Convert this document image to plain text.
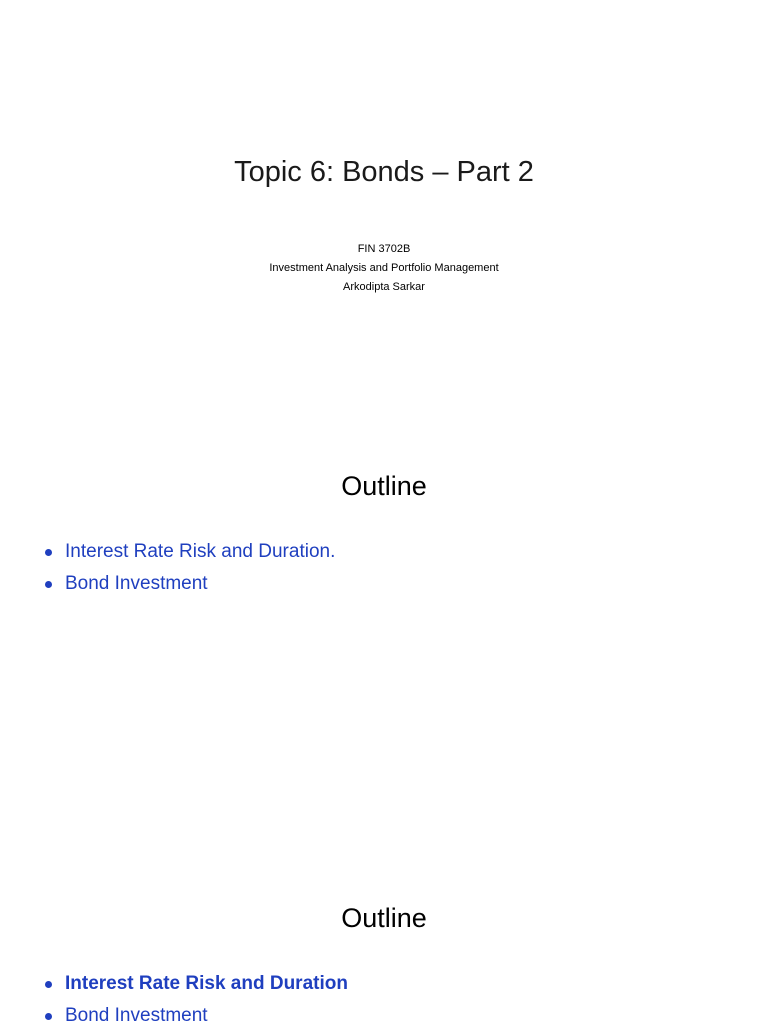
Topic 6: Bonds – Part 2
FIN 3702B
Investment Analysis and Portfolio Management
Arkodipta Sarkar
Outline
Interest Rate Risk and Duration.
Bond Investment
Outline
Interest Rate Risk and Duration
Bond Investment
